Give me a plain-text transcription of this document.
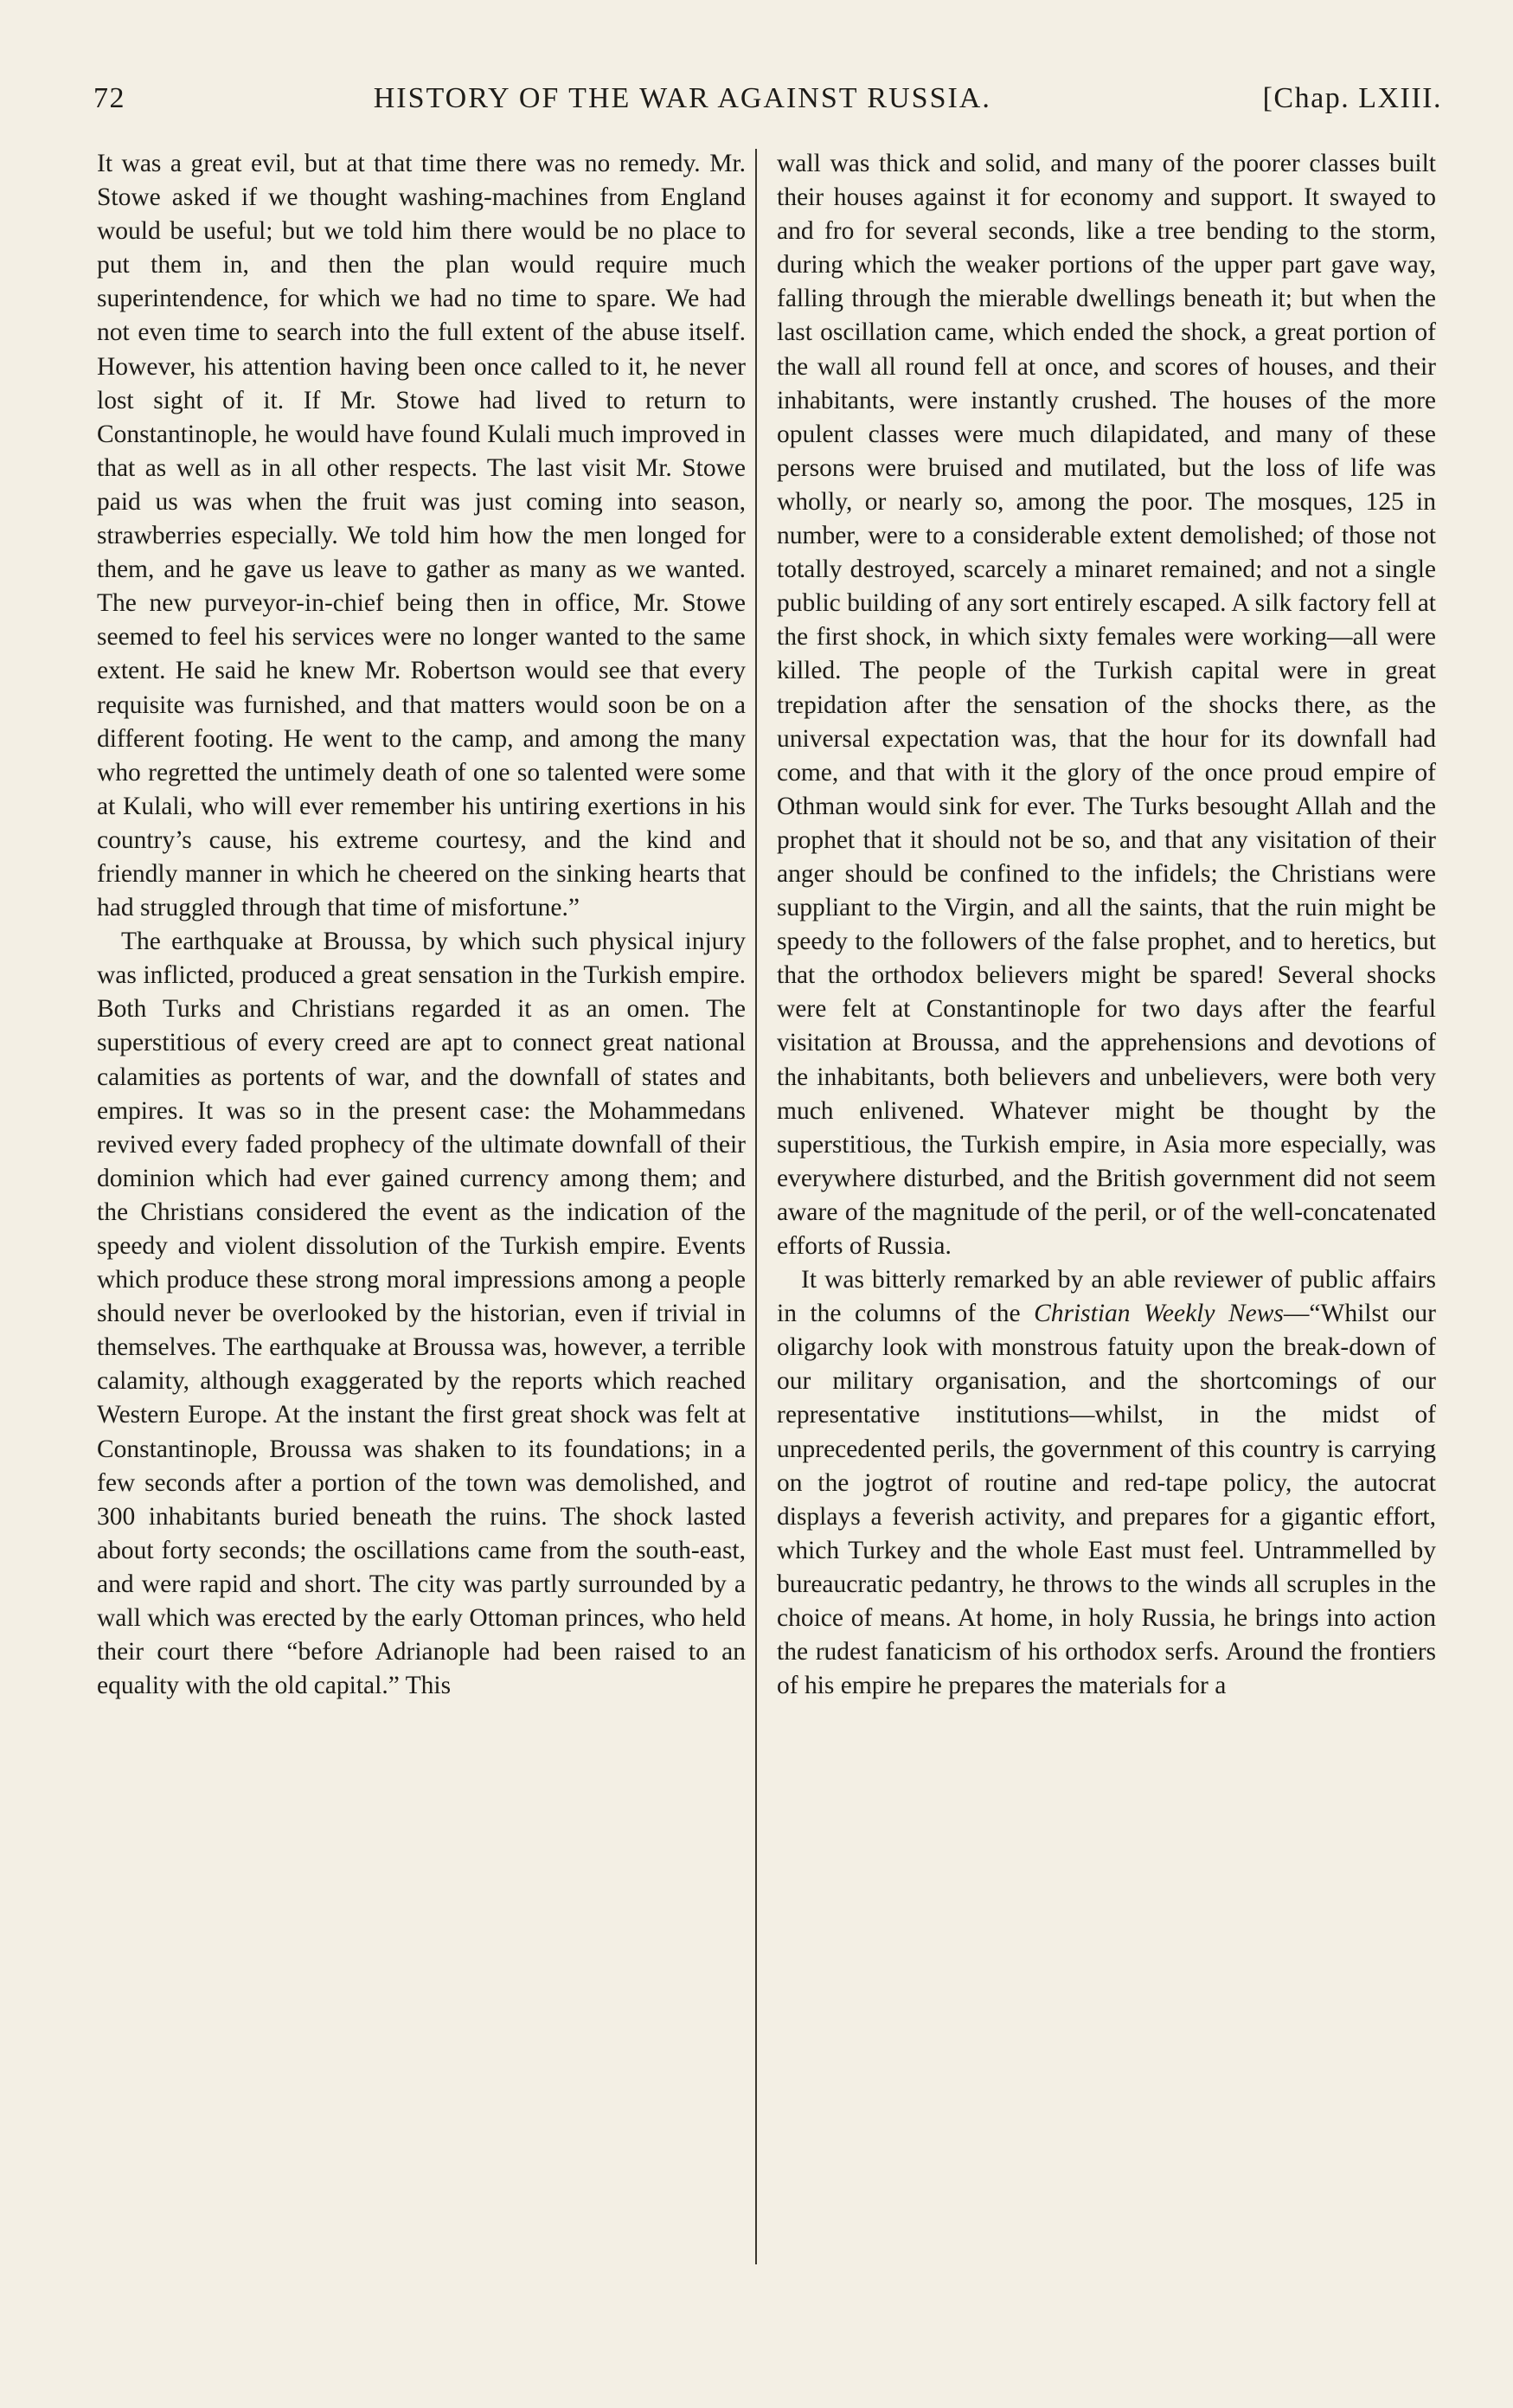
72	HISTORY OF THE WAR AGAINST RUSSIA.	[Chap. LXIII.

It was a great evil, but at that time there was no remedy. Mr. Stowe asked if we thought washing-machines from England would be useful; but we told him there would be no place to put them in, and then the plan would require much superintendence, for which we had no time to spare. We had not even time to search into the full extent of the abuse itself. However, his attention having been once called to it, he never lost sight of it. If Mr. Stowe had lived to return to Constantinople, he would have found Kulali much improved in that as well as in all other respects. The last visit Mr. Stowe paid us was when the fruit was just coming into season, strawberries especially. We told him how the men longed for them, and he gave us leave to gather as many as we wanted. The new purveyor-in-chief being then in office, Mr. Stowe seemed to feel his services were no longer wanted to the same extent. He said he knew Mr. Robertson would see that every requisite was furnished, and that matters would soon be on a different footing. He went to the camp, and among the many who regretted the untimely death of one so talented were some at Kulali, who will ever remember his untiring exertions in his country’s cause, his extreme courtesy, and the kind and friendly manner in which he cheered on the sinking hearts that had struggled through that time of misfortune.”

The earthquake at Broussa, by which such physical injury was inflicted, produced a great sensation in the Turkish empire. Both Turks and Christians regarded it as an omen. The superstitious of every creed are apt to connect great national calamities as portents of war, and the downfall of states and empires. It was so in the present case: the Mohammedans revived every faded prophecy of the ultimate downfall of their dominion which had ever gained currency among them; and the Christians considered the event as the indication of the speedy and violent dissolution of the Turkish empire. Events which produce these strong moral impressions among a people should never be overlooked by the historian, even if trivial in themselves. The earthquake at Broussa was, however, a terrible calamity, although exaggerated by the reports which reached Western Europe. At the instant the first great shock was felt at Constantinople, Broussa was shaken to its foundations; in a few seconds after a portion of the town was demolished, and 300 inhabitants buried beneath the ruins. The shock lasted about forty seconds; the oscillations came from the south-east, and were rapid and short. The city was partly surrounded by a wall which was erected by the early Ottoman princes, who held their court there “before Adrianople had been raised to an equality with the old capital.” This

wall was thick and solid, and many of the poorer classes built their houses against it for economy and support. It swayed to and fro for several seconds, like a tree bending to the storm, during which the weaker portions of the upper part gave way, falling through the mierable dwellings beneath it; but when the last oscillation came, which ended the shock, a great portion of the wall all round fell at once, and scores of houses, and their inhabitants, were instantly crushed. The houses of the more opulent classes were much dilapidated, and many of these persons were bruised and mutilated, but the loss of life was wholly, or nearly so, among the poor. The mosques, 125 in number, were to a considerable extent demolished; of those not totally destroyed, scarcely a minaret remained; and not a single public building of any sort entirely escaped. A silk factory fell at the first shock, in which sixty females were working—all were killed. The people of the Turkish capital were in great trepidation after the sensation of the shocks there, as the universal expectation was, that the hour for its downfall had come, and that with it the glory of the once proud empire of Othman would sink for ever. The Turks besought Allah and the prophet that it should not be so, and that any visitation of their anger should be confined to the infidels; the Christians were suppliant to the Virgin, and all the saints, that the ruin might be speedy to the followers of the false prophet, and to heretics, but that the orthodox believers might be spared! Several shocks were felt at Constantinople for two days after the fearful visitation at Broussa, and the apprehensions and devotions of the inhabitants, both believers and unbelievers, were both very much enlivened. Whatever might be thought by the superstitious, the Turkish empire, in Asia more especially, was everywhere disturbed, and the British government did not seem aware of the magnitude of the peril, or of the well-concatenated efforts of Russia.

It was bitterly remarked by an able reviewer of public affairs in the columns of the Christian Weekly News—“Whilst our oligarchy look with monstrous fatuity upon the break-down of our military organisation, and the shortcomings of our representative institutions—whilst, in the midst of unprecedented perils, the government of this country is carrying on the jogtrot of routine and red-tape policy, the autocrat displays a feverish activity, and prepares for a gigantic effort, which Turkey and the whole East must feel. Untrammelled by bureaucratic pedantry, he throws to the winds all scruples in the choice of means. At home, in holy Russia, he brings into action the rudest fanaticism of his orthodox serfs. Around the frontiers of his empire he prepares the materials for a
